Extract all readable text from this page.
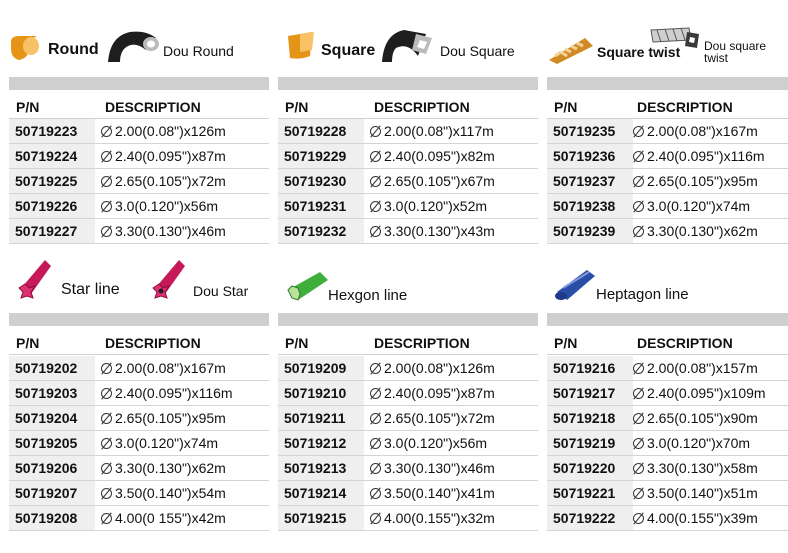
Round	Dou Round
P/N	DESCRIPTION
50719223	2.00(0.08")x126m
50719224	2.40(0.095")x87m
50719225	2.65(0.105")x72m
50719226	3.0(0.120")x56m
50719227	3.30(0.130")x46m
Square	Dou Square
P/N	DESCRIPTION
50719228	2.00(0.08")x117m
50719229	2.40(0.095")x82m
50719230	2.65(0.105")x67m
50719231	3.0(0.120")x52m
50719232	3.30(0.130")x43m
Square twist Dou square twist
P/N	DESCRIPTION
50719235	2.00(0.08")x167m
50719236	2.40(0.095")x116m
50719237	2.65(0.105")x95m
50719238	3.0(0.120")x74m
50719239	3.30(0.130")x62m
Star line	Dou Star
P/N	DESCRIPTION
50719202	2.00(0.08")x167m
50719203	2.40(0.095")x116m
50719204	2.65(0.105")x95m
50719205	3.0(0.120")x74m
50719206	3.30(0.130")x62m
50719207	3.50(0.140")x54m
50719208	4.00(0 155")x42m
Hexgon line
P/N	DESCRIPTION
50719209	2.00(0.08")x126m
50719210	2.40(0.095")x87m
50719211	2.65(0.105")x72m
50719212	3.0(0.120")x56m
50719213	3.30(0.130")x46m
50719214	3.50(0.140")x41m
50719215	4.00(0.155")x32m
Heptagon line
P/N	DESCRIPTION
50719216	2.00(0.08")x157m
50719217	2.40(0.095")x109m
50719218	2.65(0.105")x90m
50719219	3.0(0.120")x70m
50719220	3.30(0.130")x58m
50719221	3.50(0.140")x51m
50719222	4.00(0.155")x39m
